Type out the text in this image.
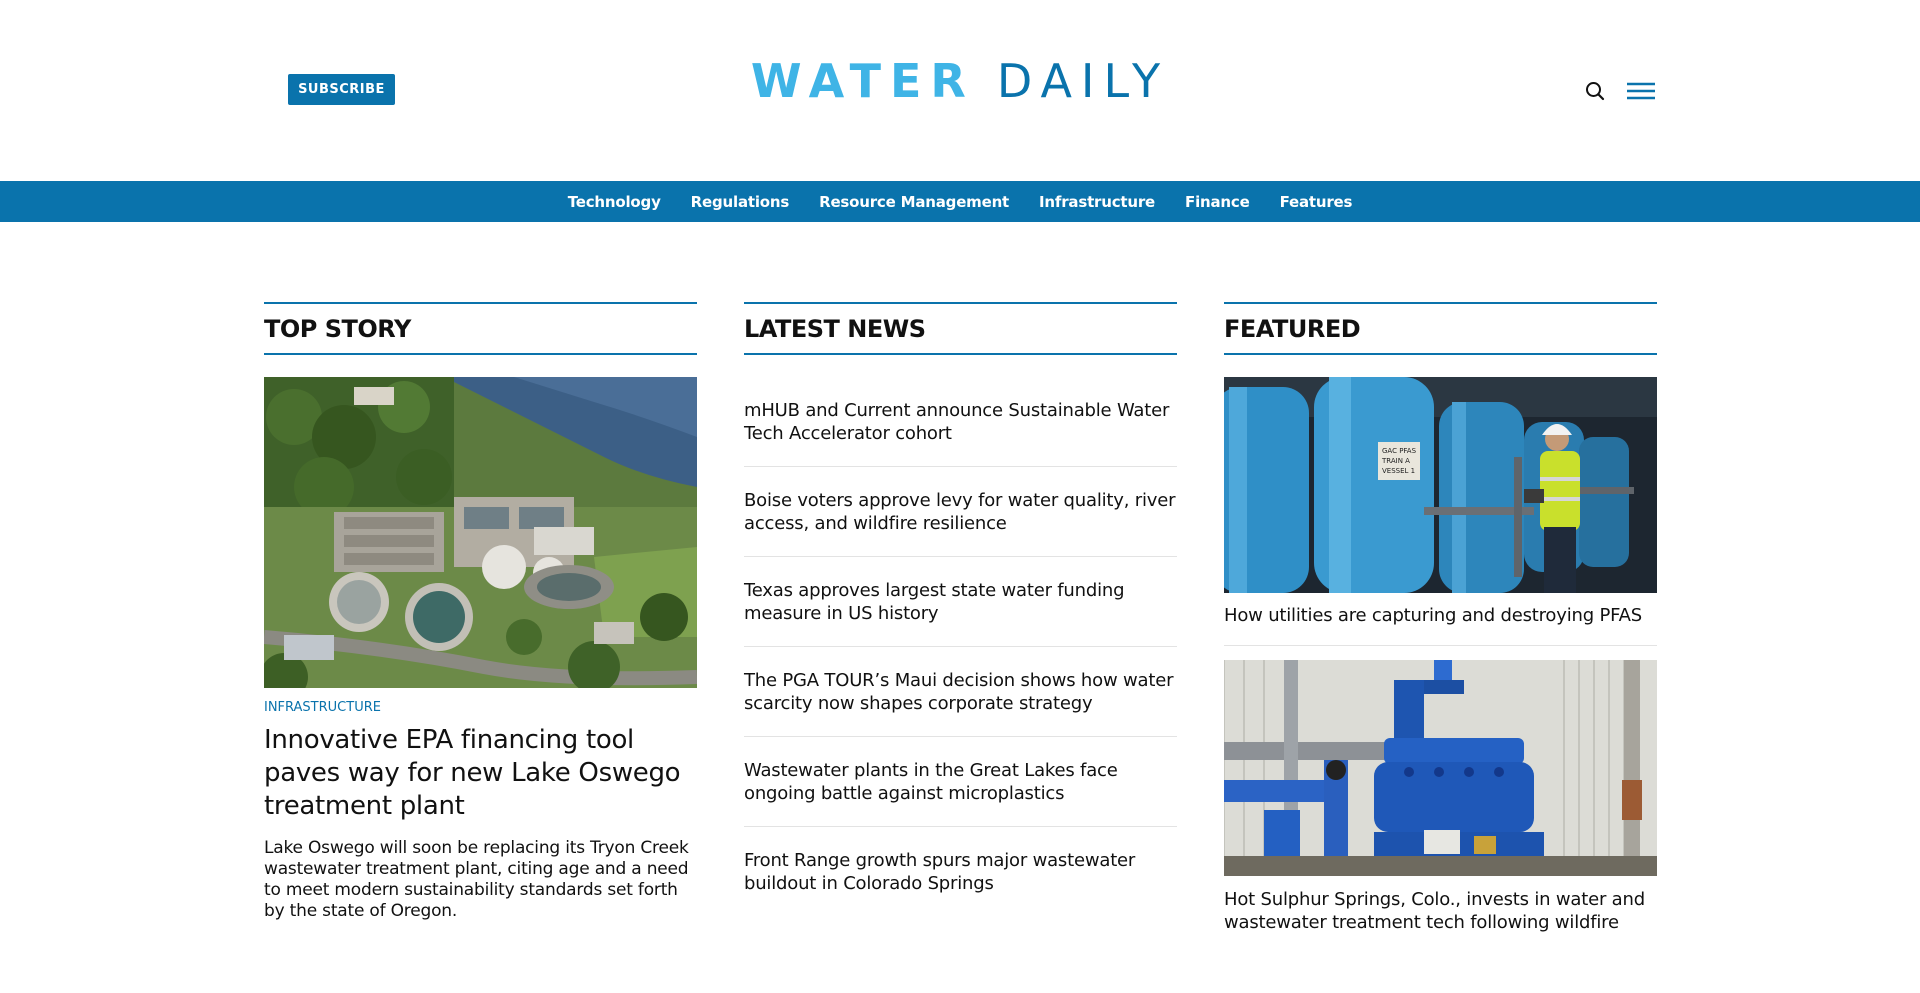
SUBSCRIBE	WATER DAILY
Technology Regulations Resource Management Infrastructure Finance Features
TOP STORY	LATEST NEWS	FEATURED
INFRASTRUCTURE
Innovative EPA financing tool paves way for new Lake Oswego treatment plant
Lake Oswego will soon be replacing its Tryon Creek wastewater treatment plant, citing age and a need to meet modern sustainability standards set forth by the state of Oregon.
mHUB and Current announce Sustainable Water Tech Accelerator cohort
Boise voters approve levy for water quality, river access, and wildfire resilience
Texas approves largest state water funding measure in US history
The PGA TOUR’s Maui decision shows how water scarcity now shapes corporate strategy
Wastewater plants in the Great Lakes face ongoing battle against microplastics
Front Range growth spurs major wastewater buildout in Colorado Springs
GAC PFAS
TRAIN A
VESSEL 1
How utilities are capturing and destroying PFAS
Hot Sulphur Springs, Colo., invests in water and wastewater treatment tech following wildfire
